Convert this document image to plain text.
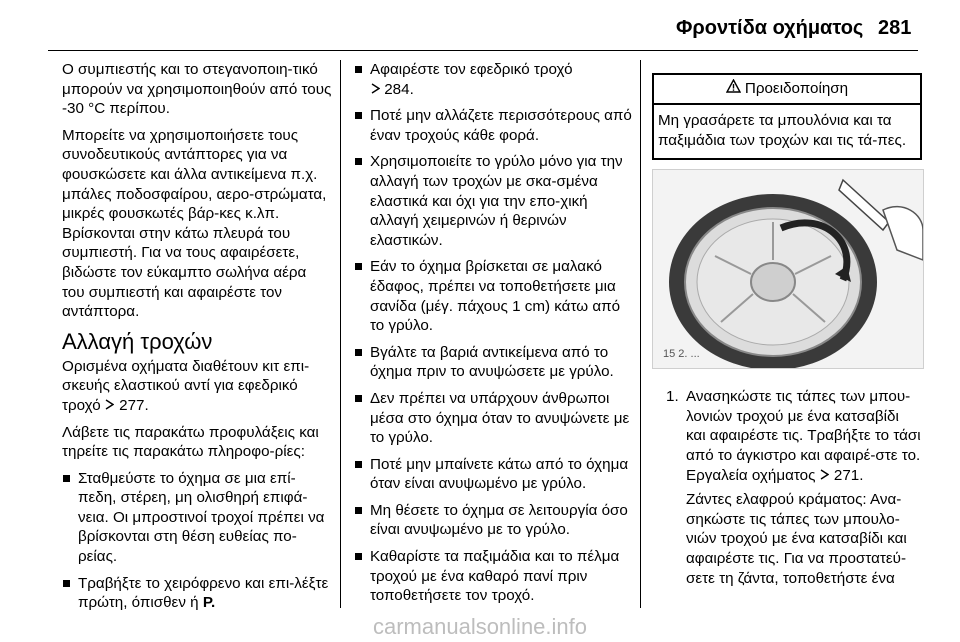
Φροντίδα οχήματος 281

Ο συμπιεστής και το στεγανοποιη-τικό μπορούν να χρησιμοποιηθούν από τους -30 °C περίπου.

Μπορείτε να χρησιμοποιήσετε τους συνοδευτικούς αντάπτορες για να φουσκώσετε και άλλα αντικείμενα π.χ. μπάλες ποδοσφαίρου, αερο-στρώματα, μικρές φουσκωτές βάρ-κες κ.λπ. Βρίσκονται στην κάτω πλευρά του συμπιεστή. Για να τους αφαιρέσετε, βιδώστε τον εύκαμπτο σωλήνα αέρα του συμπιεστή και αφαιρέστε τον αντάπτορα.

Αλλαγή τροχών

Ορισμένα οχήματα διαθέτουν κιτ επι-σκευής ελαστικού αντί για εφεδρικό τροχό 277.

Λάβετε τις παρακάτω προφυλάξεις και τηρείτε τις παρακάτω πληροφο-ρίες:

Σταθμεύστε το όχημα σε μια επί-πεδη, στέρεη, μη ολισθηρή επιφά-νεια. Οι μπροστινοί τροχοί πρέπει να βρίσκονται στη θέση ευθείας πο-ρείας.
Τραβήξτε το χειρόφρενο και επι-λέξτε πρώτη, όπισθεν ή P.
Αφαιρέστε τον εφεδρικό τροχό
284.
Ποτέ μην αλλάζετε περισσότερους από έναν τροχούς κάθε φορά.
Χρησιμοποιείτε το γρύλο μόνο για την αλλαγή των τροχών με σκα-σμένα ελαστικά και όχι για την επο-χική αλλαγή χειμερινών ή θερινών ελαστικών.
Εάν το όχημα βρίσκεται σε μαλακό έδαφος, πρέπει να τοποθετήσετε μια σανίδα (μέγ. πάχους 1 cm) κάτω από το γρύλο.
Βγάλτε τα βαριά αντικείμενα από το όχημα πριν το ανυψώσετε με γρύλο.
Δεν πρέπει να υπάρχουν άνθρωποι μέσα στο όχημα όταν το ανυψώνετε με το γρύλο.
Ποτέ μην μπαίνετε κάτω από το όχημα όταν είναι ανυψωμένο με γρύλο.
Μη θέσετε το όχημα σε λειτουργία όσο είναι ανυψωμένο με το γρύλο.
Καθαρίστε τα παξιμάδια και το πέλμα τροχού με ένα καθαρό πανί πριν τοποθετήσετε τον τροχό.
Προειδοποίηση
Μη γρασάρετε τα μπουλόνια και τα παξιμάδια των τροχών και τις τά-πες.
15 2. ...
1. Ανασηκώστε τις τάπες των μπου-λονιών τροχού με ένα κατσαβίδι και αφαιρέστε τις. Τραβήξτε το τάσι από το άγκιστρο και αφαιρέ-στε το. Εργαλεία οχήματος 271.

Ζάντες ελαφρού κράματος: Ανα-σηκώστε τις τάπες των μπουλο-νιών τροχού με ένα κατσαβίδι και αφαιρέστε τις. Για να προστατεύ-σετε τη ζάντα, τοποθετήστε ένα

carmanualsonline.info
